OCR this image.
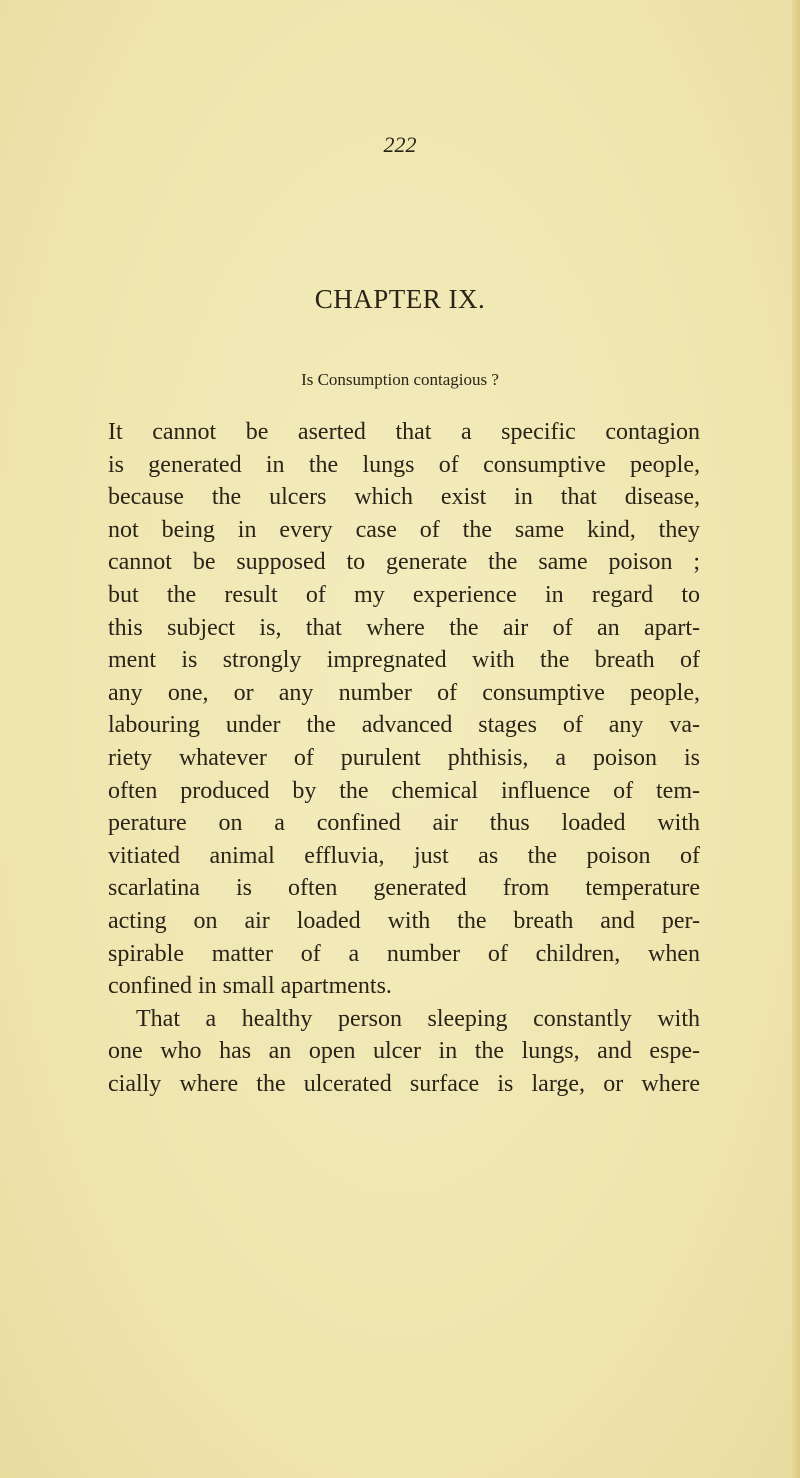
222
CHAPTER IX.
Is Consumption contagious ?
It cannot be aserted that a specific contagion
is generated in the lungs of consumptive people,
because the ulcers which exist in that disease,
not being in every case of the same kind, they
cannot be supposed to generate the same poison ;
but the result of my experience in regard to
this subject is, that where the air of an apart-
ment is strongly impregnated with the breath of
any one, or any number of consumptive people,
labouring under the advanced stages of any va-
riety whatever of purulent phthisis, a poison is
often produced by the chemical influence of tem-
perature on a confined air thus loaded with
vitiated animal effluvia, just as the poison of
scarlatina is often generated from temperature
acting on air loaded with the breath and per-
spirable matter of a number of children, when
confined in small apartments.
That a healthy person sleeping constantly with
one who has an open ulcer in the lungs, and espe-
cially where the ulcerated surface is large, or where
